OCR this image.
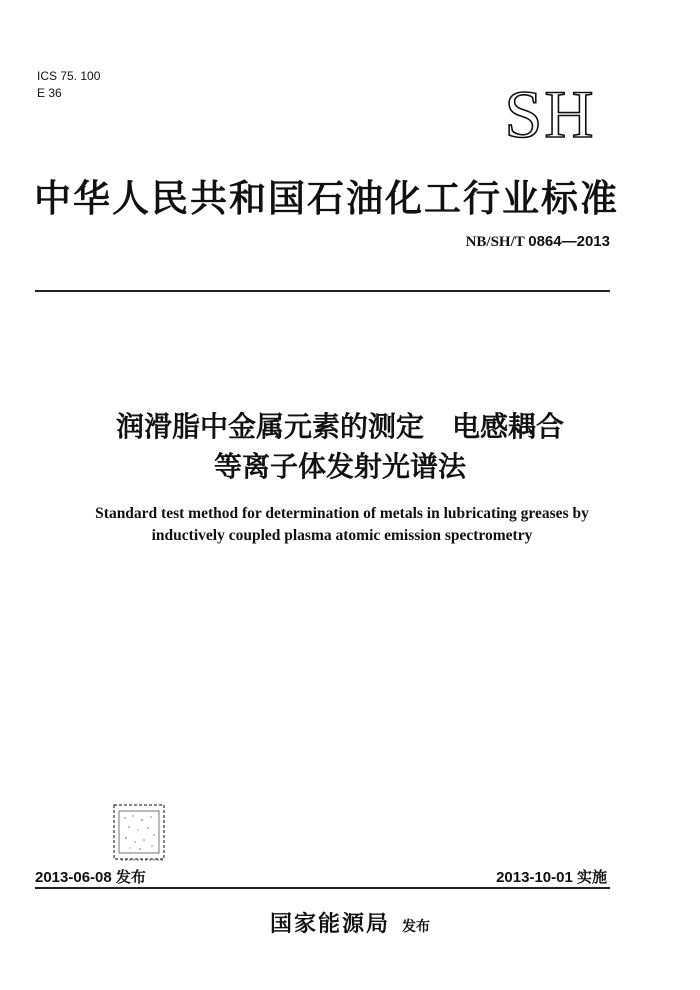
ICS 75. 100
E 36	SH
中华人民共和国石油化工行业标准
NB/SH/T 0864—2013
润滑脂中金属元素的测定　电感耦合
等离子体发射光谱法
Standard test method for determination of metals in lubricating greases by
inductively coupled plasma atomic emission spectrometry
2013-06-08 发布	2013-10-01 实施
国家能源局 发布
